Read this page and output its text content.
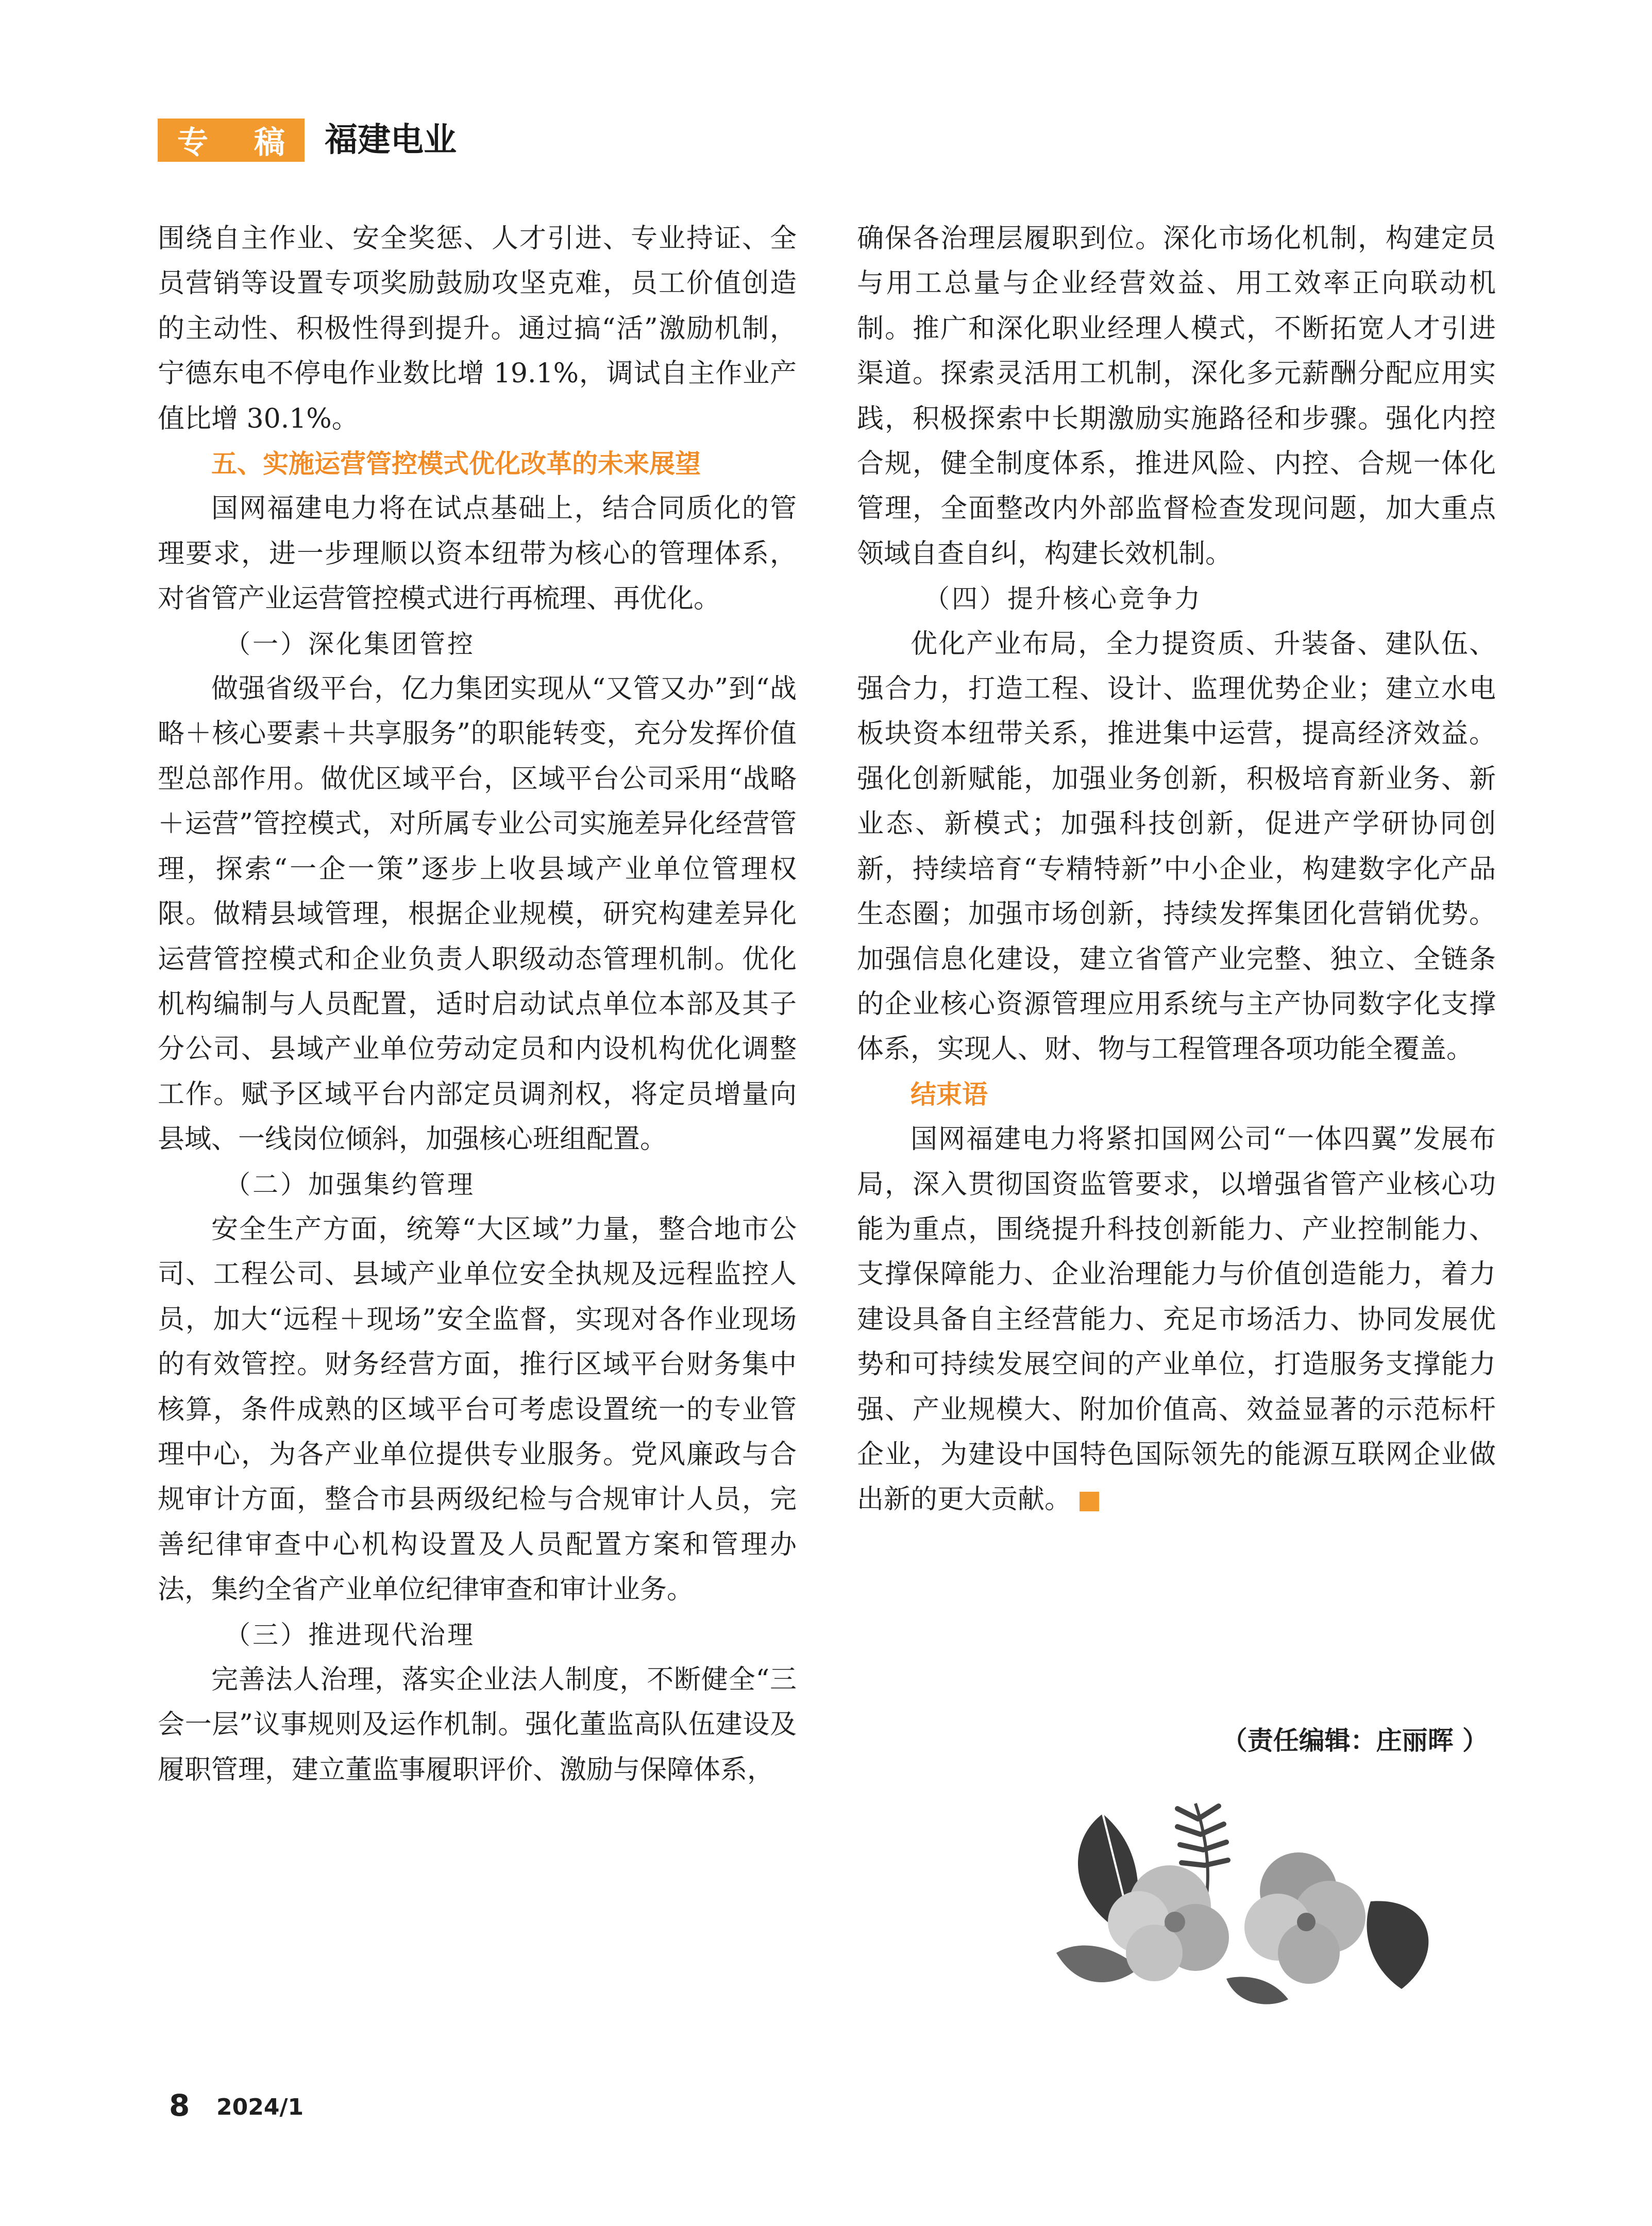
专 稿 福建电业

围绕自主作业、安全奖惩、人才引进、专业持证、全员营销等设置专项奖励鼓励攻坚克难，员工价值创造的主动性、积极性得到提升。通过搞“活”激励机制，宁德东电不停电作业数比增 19.1%，调试自主作业产值比增 30.1%。

五、实施运营管控模式优化改革的未来展望

国网福建电力将在试点基础上，结合同质化的管理要求，进一步理顺以资本纽带为核心的管理体系，对省管产业运营管控模式进行再梳理、再优化。

（一）深化集团管控

做强省级平台，亿力集团实现从“又管又办”到“战略＋核心要素＋共享服务”的职能转变，充分发挥价值型总部作用。做优区域平台，区域平台公司采用“战略＋运营”管控模式，对所属专业公司实施差异化经营管理，探索“一企一策”逐步上收县域产业单位管理权限。做精县域管理，根据企业规模，研究构建差异化运营管控模式和企业负责人职级动态管理机制。优化机构编制与人员配置，适时启动试点单位本部及其子分公司、县域产业单位劳动定员和内设机构优化调整工作。赋予区域平台内部定员调剂权，将定员增量向县域、一线岗位倾斜，加强核心班组配置。

（二）加强集约管理

安全生产方面，统筹“大区域”力量，整合地市公司、工程公司、县域产业单位安全执规及远程监控人员，加大“远程＋现场”安全监督，实现对各作业现场的有效管控。财务经营方面，推行区域平台财务集中核算，条件成熟的区域平台可考虑设置统一的专业管理中心，为各产业单位提供专业服务。党风廉政与合规审计方面，整合市县两级纪检与合规审计人员，完善纪律审查中心机构设置及人员配置方案和管理办法，集约全省产业单位纪律审查和审计业务。

（三）推进现代治理

完善法人治理，落实企业法人制度，不断健全“三会一层”议事规则及运作机制。强化董监高队伍建设及履职管理，建立董监事履职评价、激励与保障体系，

确保各治理层履职到位。深化市场化机制，构建定员与用工总量与企业经营效益、用工效率正向联动机制。推广和深化职业经理人模式，不断拓宽人才引进渠道。探索灵活用工机制，深化多元薪酬分配应用实践，积极探索中长期激励实施路径和步骤。强化内控合规，健全制度体系，推进风险、内控、合规一体化管理，全面整改内外部监督检查发现问题，加大重点领域自查自纠，构建长效机制。

（四）提升核心竞争力

优化产业布局，全力提资质、升装备、建队伍、强合力，打造工程、设计、监理优势企业；建立水电板块资本纽带关系，推进集中运营，提高经济效益。强化创新赋能，加强业务创新，积极培育新业务、新业态、新模式；加强科技创新，促进产学研协同创新，持续培育“专精特新”中小企业，构建数字化产品生态圈；加强市场创新，持续发挥集团化营销优势。加强信息化建设，建立省管产业完整、独立、全链条的企业核心资源管理应用系统与主产协同数字化支撑体系，实现人、财、物与工程管理各项功能全覆盖。

结束语

国网福建电力将紧扣国网公司“一体四翼”发展布局，深入贯彻国资监管要求，以增强省管产业核心功能为重点，围绕提升科技创新能力、产业控制能力、支撑保障能力、企业治理能力与价值创造能力，着力建设具备自主经营能力、充足市场活力、协同发展优势和可持续发展空间的产业单位，打造服务支撑能力强、产业规模大、附加价值高、效益显著的示范标杆企业，为建设中国特色国际领先的能源互联网企业做出新的更大贡献。

（责任编辑：庄丽晖 ）
8 2024/1
